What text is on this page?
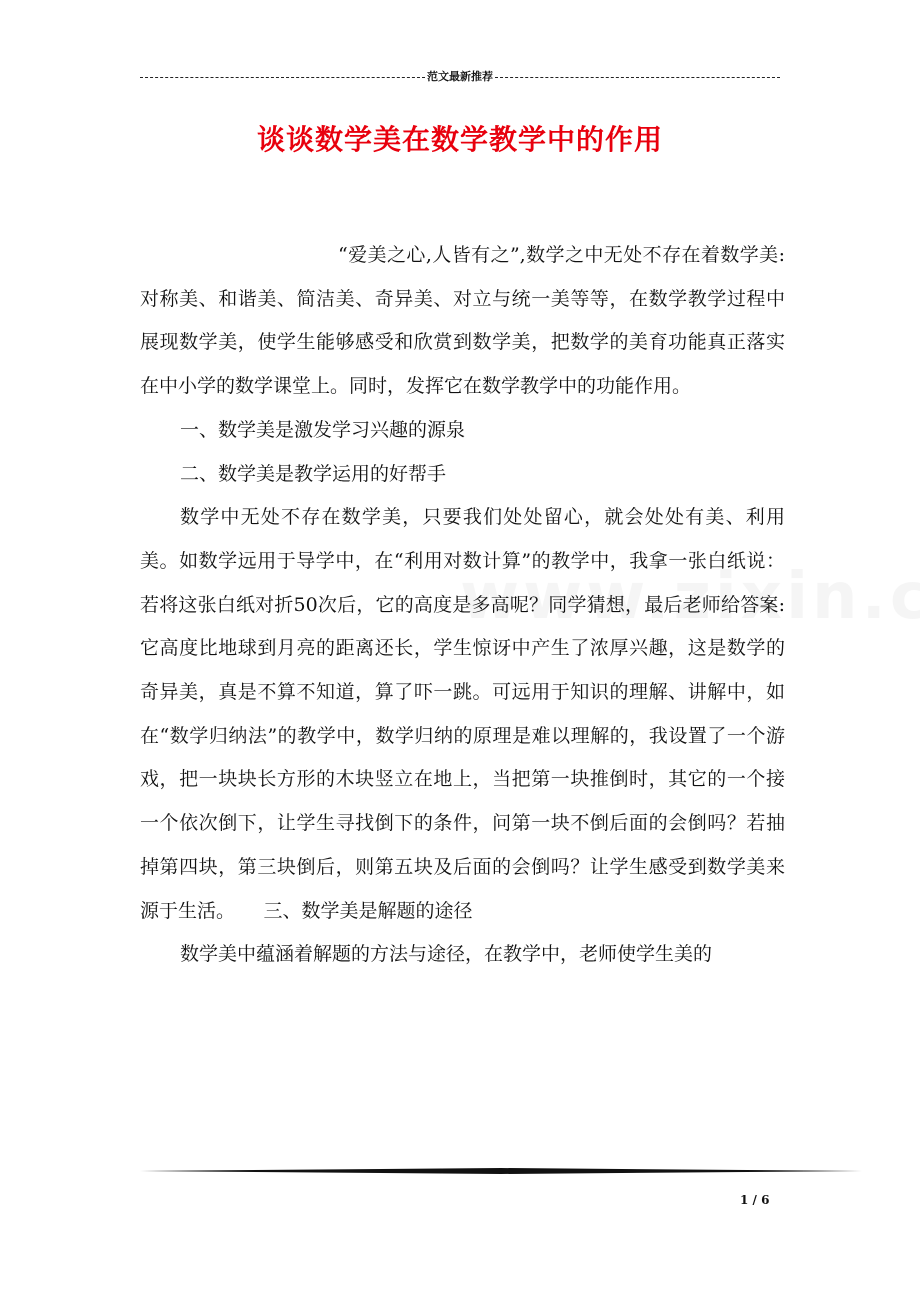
范文最新推荐
谈谈数学美在数学教学中的作用

“爱美之心,人皆有之”,数学之中无处不存在着数学美:对称美、和谐美、简洁美、奇异美、对立与统一美等等，在数学教学过程中展现数学美，使学生能够感受和欣赏到数学美，把数学的美育功能真正落实在中小学的数学课堂上。同时，发挥它在数学教学中的功能作用。

一、数学美是激发学习兴趣的源泉

二、数学美是教学运用的好帮手

数学中无处不存在数学美，只要我们处处留心，就会处处有美、利用美。如数学远用于导学中，在“利用对数计算”的教学中，我拿一张白纸说：若将这张白纸对折50次后，它的高度是多高呢？同学猜想，最后老师给答案: 它高度比地球到月亮的距离还长，学生惊讶中产生了浓厚兴趣，这是数学的奇异美，真是不算不知道，算了吓一跳。可远用于知识的理解、讲解中，如在“数学归纳法”的教学中，数学归纳的原理是难以理解的，我设置了一个游戏，把一块块长方形的木块竖立在地上，当把第一块推倒时，其它的一个接一个依次倒下，让学生寻找倒下的条件，问第一块不倒后面的会倒吗？若抽掉第四块，第三块倒后，则第五块及后面的会倒吗？让学生感受到数学美来源于生活。　　三、数学美是解题的途径

数学美中蕴涵着解题的方法与途径，在教学中，老师使学生美的

1 / 6
